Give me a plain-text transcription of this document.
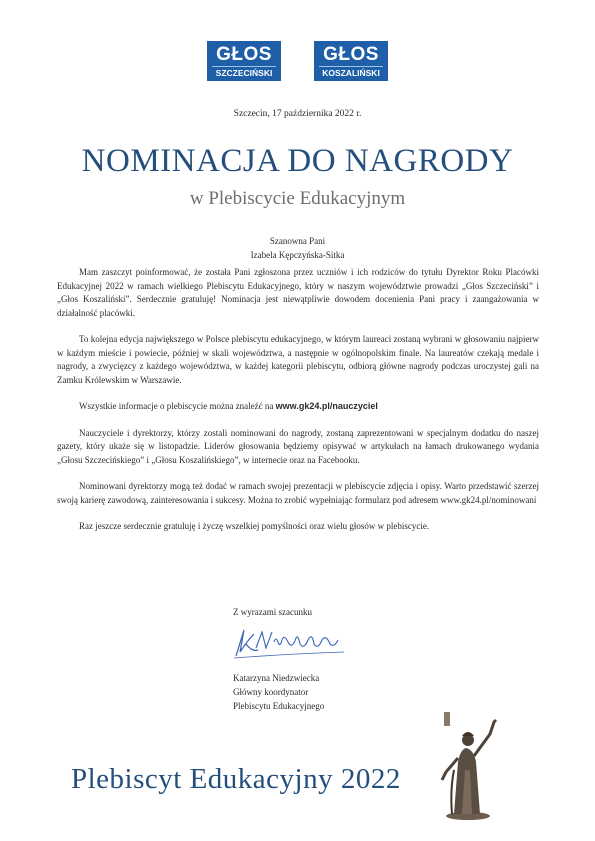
GŁOS
SZCZECIŃSKI
GŁOS
KOSZALIŃSKI
Szczecin, 17 października 2022 r.
NOMINACJA DO NAGRODY
w Plebiscycie Edukacyjnym
Szanowna Pani
Izabela Kępczyńska-Sitka

Mam zaszczyt poinformować, że została Pani zgłoszona przez uczniów i ich rodziców do tytułu Dyrektor Roku Placówki Edukacyjnej 2022 w ramach wielkiego Plebiscytu Edukacyjnego, który w naszym województwie prowadzi „Głos Szczeciński” i „Głos Koszaliński”. Serdecznie gratuluję! Nominacja jest niewątpliwie dowodem docenienia Pani pracy i zaangażowania w działalność placówki.

To kolejna edycja największego w Polsce plebiscytu edukacyjnego, w którym laureaci zostaną wybrani w głosowaniu najpierw w każdym mieście i powiecie, później w skali województwa, a następnie w ogólnopolskim finale. Na laureatów czekają medale i nagrody, a zwycięzcy z każdego województwa, w każdej kategorii plebiscytu, odbiorą główne nagrody podczas uroczystej gali na Zamku Królewskim w Warszawie.

Wszystkie informacje o plebiscycie można znaleźć na www.gk24.pl/nauczyciel

Nauczyciele i dyrektorzy, którzy zostali nominowani do nagrody, zostaną zaprezentowani w specjalnym dodatku do naszej gazety, który ukaże się w listopadzie. Liderów głosowania będziemy opisywać w artykułach na łamach drukowanego wydania „Głosu Szczecińskiego” i „Głosu Koszalińskiego”, w internecie oraz na Facebooku.

Nominowani dyrektorzy mogą też dodać w ramach swojej prezentacji w plebiscycie zdjęcia i opisy. Warto przedstawić szerzej swoją karierę zawodową, zainteresowania i sukcesy. Można to zrobić wypełniając formularz pod adresem www.gk24.pl/nominowani

Raz jeszcze serdecznie gratuluję i życzę wszelkiej pomyślności oraz wielu głosów w plebiscycie.

Z wyrazami szacunku
Katarzyna Niedzwiecka
Główny koordynator
Plebiscytu Edukacyjnego
Plebiscyt Edukacyjny 2022
